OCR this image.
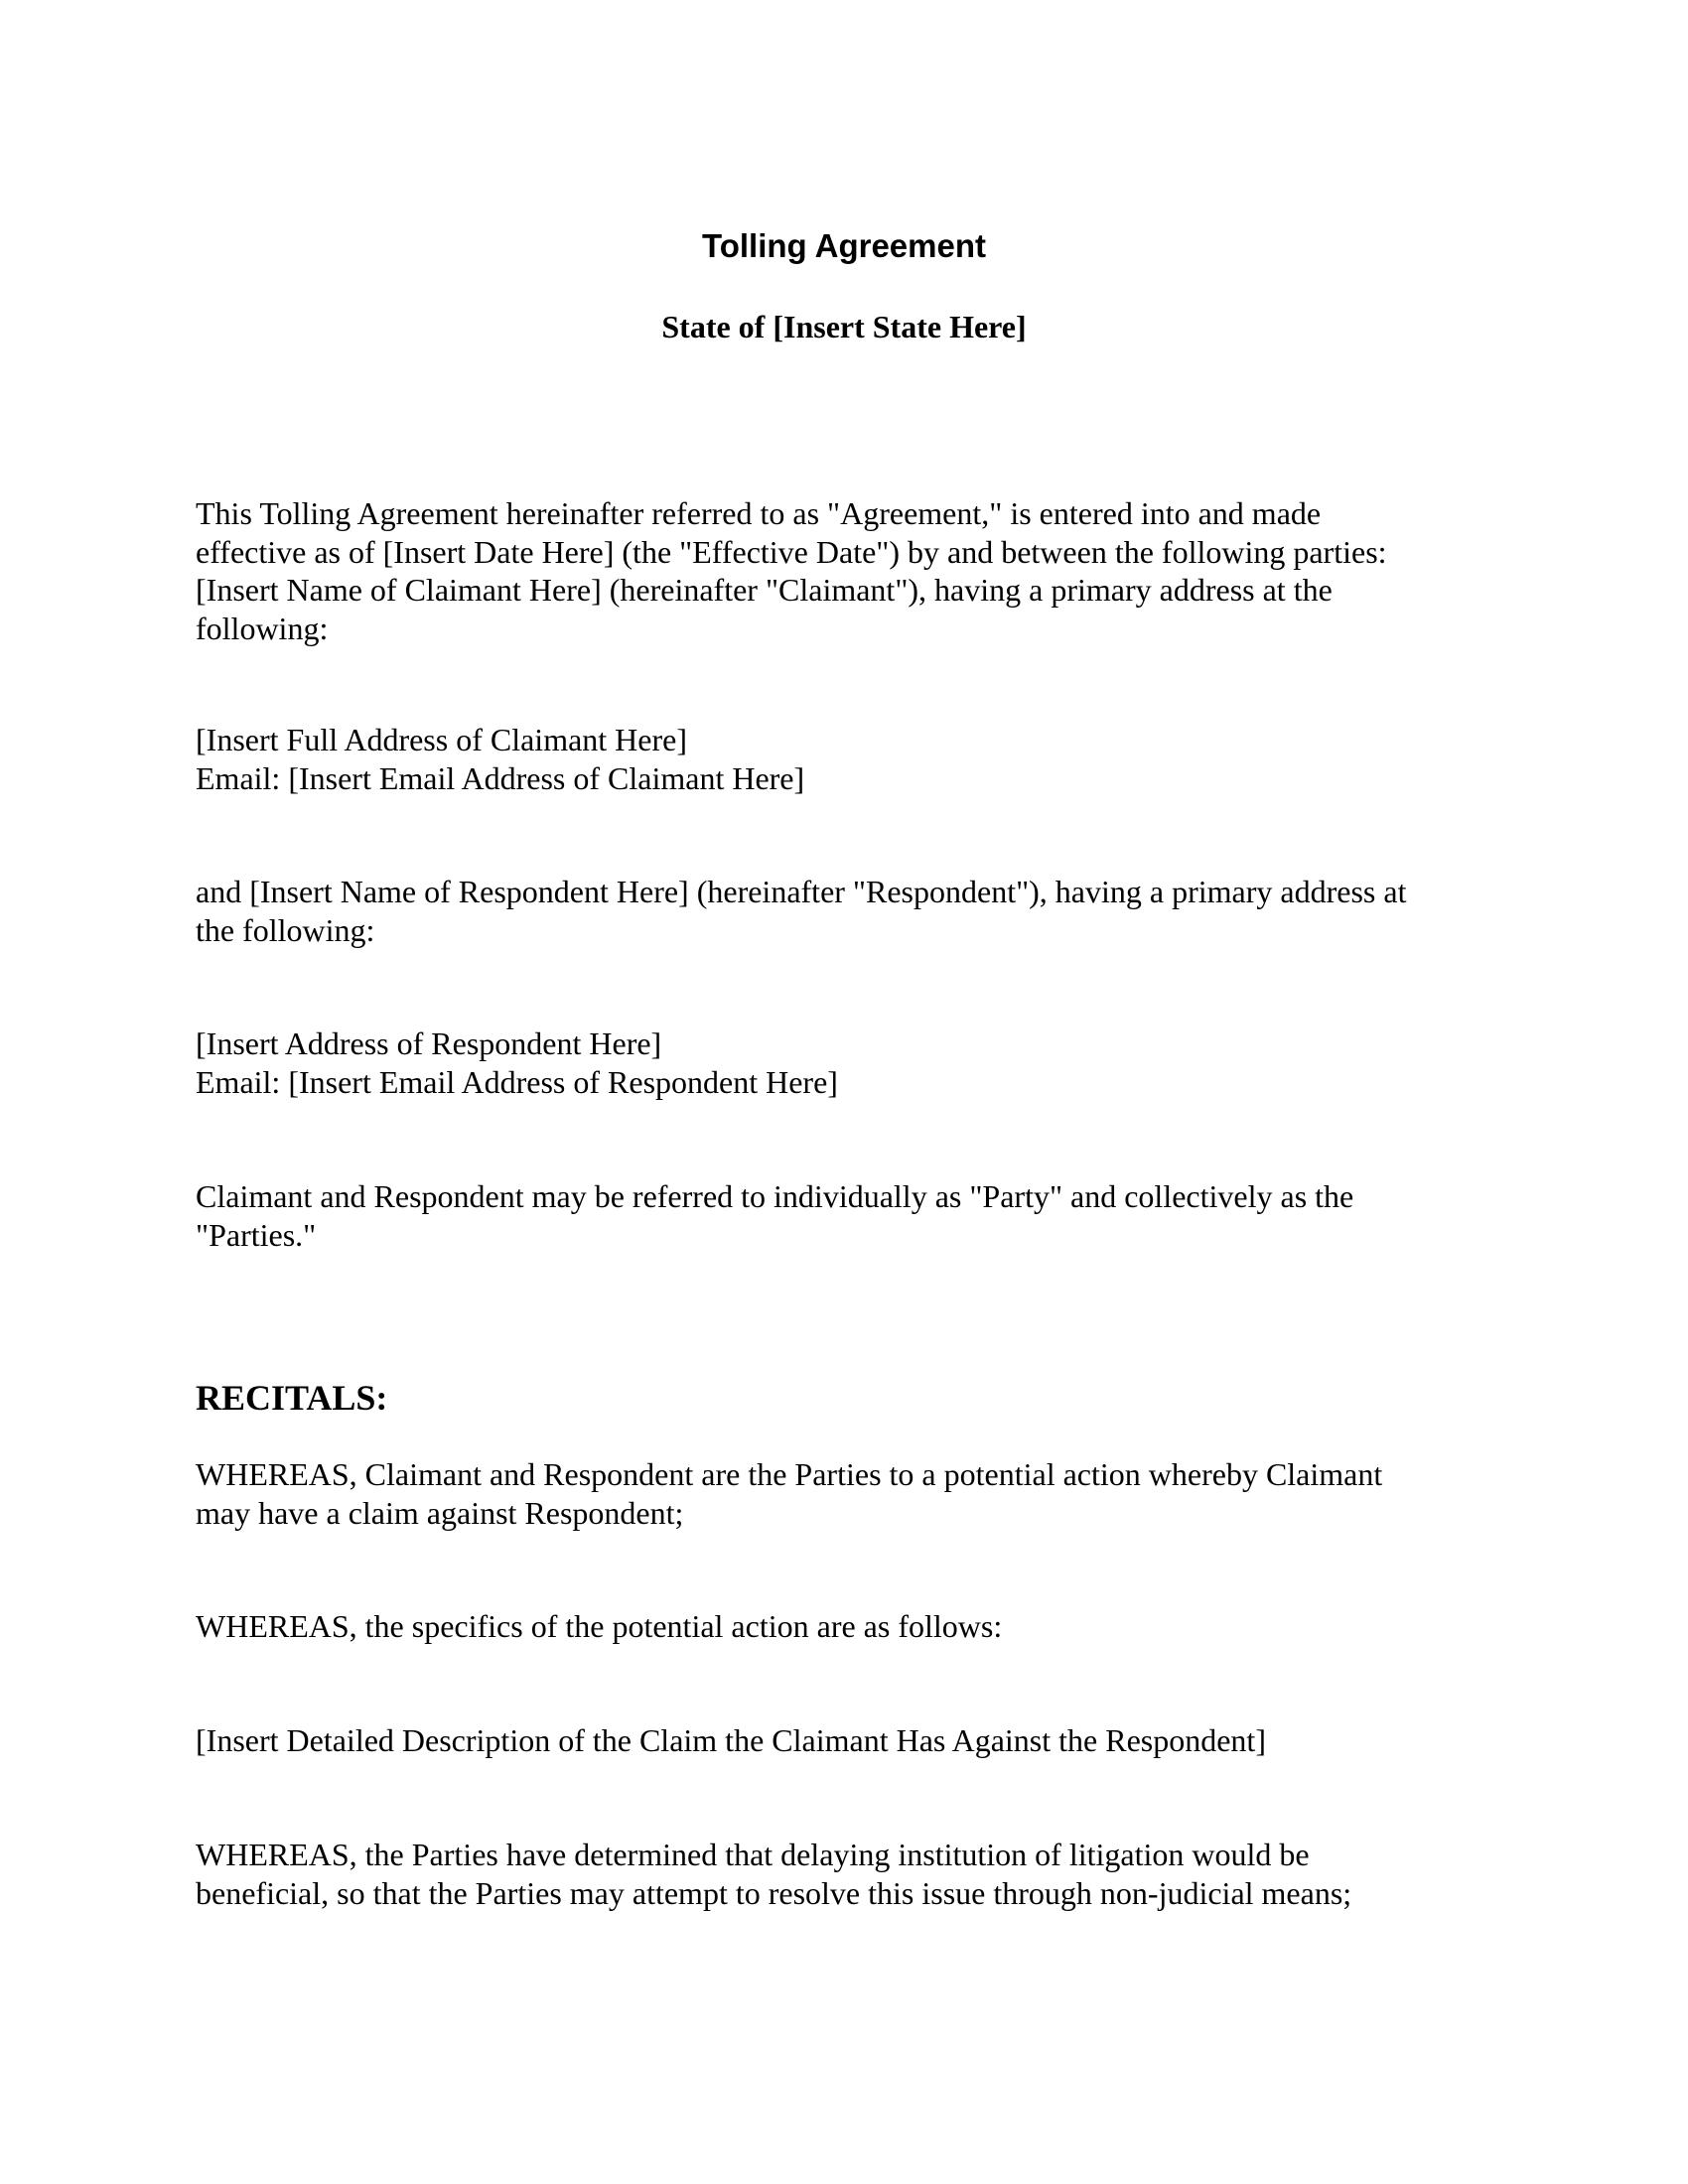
Tolling Agreement
State of [Insert State Here]
This Tolling Agreement hereinafter referred to as "Agreement," is entered into and made
effective as of [Insert Date Here] (the "Effective Date") by and between the following parties:
[Insert Name of Claimant Here] (hereinafter "Claimant"), having a primary address at the
following:
[Insert Full Address of Claimant Here]
Email: [Insert Email Address of Claimant Here]
and [Insert Name of Respondent Here] (hereinafter "Respondent"), having a primary address at
the following:
[Insert Address of Respondent Here]
Email: [Insert Email Address of Respondent Here]
Claimant and Respondent may be referred to individually as "Party" and collectively as the
"Parties."
RECITALS:
WHEREAS, Claimant and Respondent are the Parties to a potential action whereby Claimant
may have a claim against Respondent;
WHEREAS, the specifics of the potential action are as follows:
[Insert Detailed Description of the Claim the Claimant Has Against the Respondent]
WHEREAS, the Parties have determined that delaying institution of litigation would be
beneficial, so that the Parties may attempt to resolve this issue through non-judicial means;
